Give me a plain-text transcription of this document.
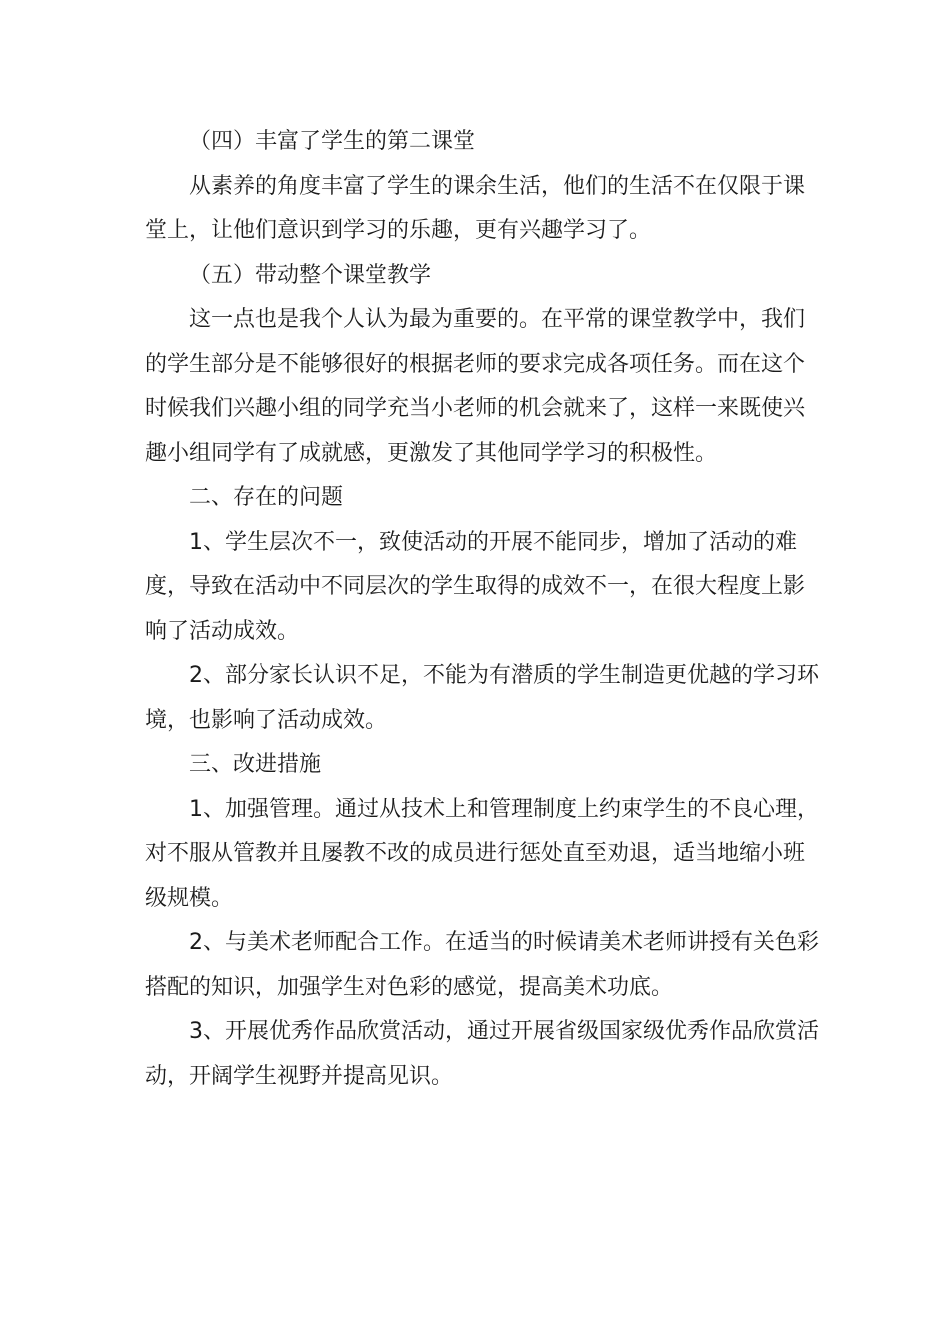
（四）丰富了学生的第二课堂

从素养的角度丰富了学生的课余生活，他们的生活不在仅限于课堂上，让他们意识到学习的乐趣，更有兴趣学习了。

（五）带动整个课堂教学

这一点也是我个人认为最为重要的。在平常的课堂教学中，我们的学生部分是不能够很好的根据老师的要求完成各项任务。而在这个时候我们兴趣小组的同学充当小老师的机会就来了，这样一来既使兴趣小组同学有了成就感，更激发了其他同学学习的积极性。

二、存在的问题

1、学生层次不一，致使活动的开展不能同步，增加了活动的难度，导致在活动中不同层次的学生取得的成效不一，在很大程度上影响了活动成效。

2、部分家长认识不足，不能为有潜质的学生制造更优越的学习环境，也影响了活动成效。

三、改进措施

1、加强管理。通过从技术上和管理制度上约束学生的不良心理，对不服从管教并且屡教不改的成员进行惩处直至劝退，适当地缩小班级规模。

2、与美术老师配合工作。在适当的时候请美术老师讲授有关色彩搭配的知识，加强学生对色彩的感觉，提高美术功底。

3、开展优秀作品欣赏活动，通过开展省级国家级优秀作品欣赏活动，开阔学生视野并提高见识。
